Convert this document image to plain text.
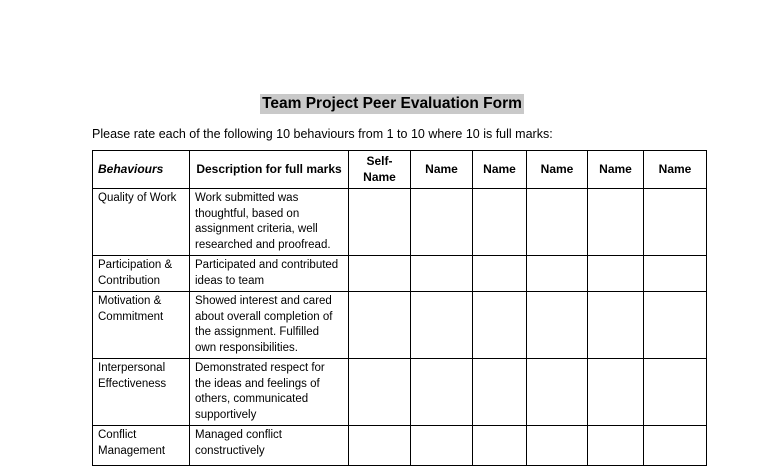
Team Project Peer Evaluation Form
Please rate each of the following 10 behaviours from 1 to 10 where 10 is full marks:
Behaviours	Description for full marks	Self-Name	Name	Name	Name	Name	Name
Quality of Work	Work submitted was thoughtful, based on assignment criteria, well researched and proofread.						
Participation & Contribution	Participated and contributed ideas to team						
Motivation & Commitment	Showed interest and cared about overall completion of the assignment. Fulfilled own responsibilities.						
Interpersonal Effectiveness	Demonstrated respect for the ideas and feelings of others, communicated supportively						
Conflict Management	Managed conflict constructively						
